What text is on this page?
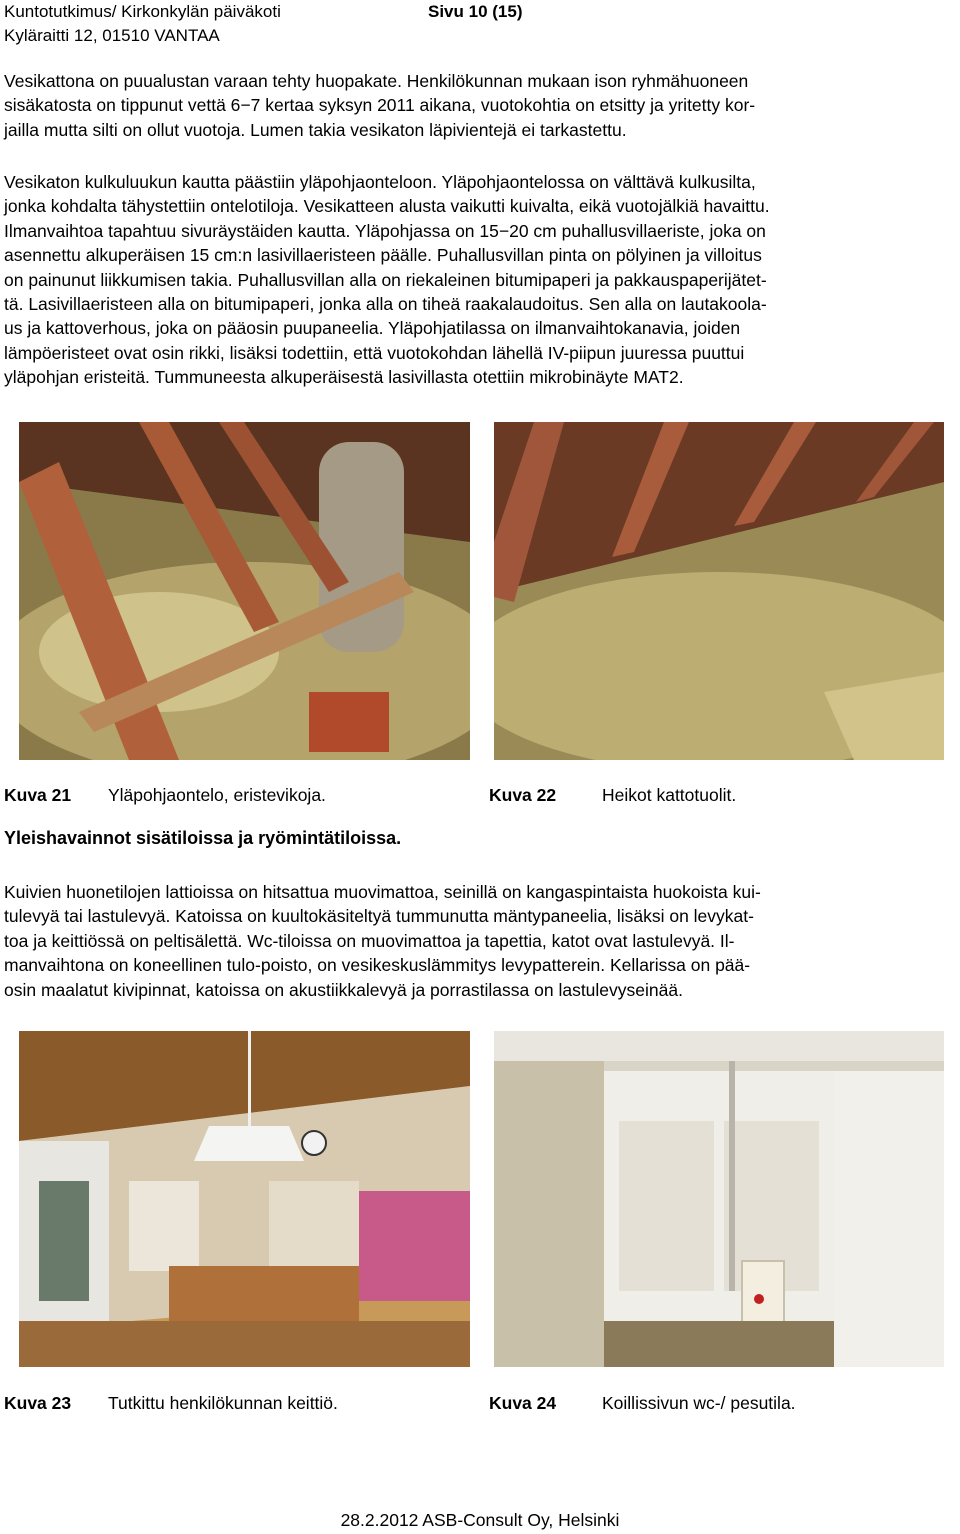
Kuntotutkimus/ Kirkonkylän päiväkoti
Kyläraitti 12, 01510 VANTAA
Sivu 10 (15)
Vesikattona on puualustan varaan tehty huopakate. Henkilökunnan mukaan ison ryhmähuoneen
sisäkatosta on tippunut vettä 6−7 kertaa syksyn 2011 aikana, vuotokohtia on etsitty ja yritetty kor-
jailla mutta silti on ollut vuotoja. Lumen takia vesikaton läpivientejä ei tarkastettu.
Vesikaton kulkuluukun kautta päästiin yläpohjaonteloon. Yläpohjaontelossa on välttävä kulkusilta,
jonka kohdalta tähystettiin ontelotiloja. Vesikatteen alusta vaikutti kuivalta, eikä vuotojälkiä havaittu.
Ilmanvaihtoa tapahtuu sivuräystäiden kautta. Yläpohjassa on 15−20 cm puhallusvillaeriste, joka on
asennettu alkuperäisen 15 cm:n lasivillaeristeen päälle. Puhallusvillan pinta on pölyinen ja villoitus
on painunut liikkumisen takia. Puhallusvillan alla on riekaleinen bitumipaperi ja pakkauspaperijätet-
tä. Lasivillaeristeen alla on bitumipaperi, jonka alla on tiheä raakalaudoitus. Sen alla on lautakoola-
us ja kattoverhous, joka on pääosin puupaneelia. Yläpohjatilassa on ilmanvaihtokanavia, joiden
lämpöeristeet ovat osin rikki, lisäksi todettiin, että vuotokohdan lähellä IV-piipun juuressa puuttui
yläpohjan eristeitä. Tummuneesta alkuperäisestä lasivillasta otettiin mikrobinäyte MAT2.
Kuva 21 Yläpohjaontelo, eristevikoja.	Kuva 22	Heikot kattotuolit.
Yleishavainnot sisätiloissa ja ryömintätiloissa.
Kuivien huonetilojen lattioissa on hitsattua muovimattoa, seinillä on kangaspintaista huokoista kui-
tulevyä tai lastulevyä. Katoissa on kuultokäsiteltyä tummunutta mäntypaneelia, lisäksi on levykat-
toa ja keittiössä on peltisälettä. Wc-tiloissa on muovimattoa ja tapettia, katot ovat lastulevyä. Il-
manvaihtona on koneellinen tulo-poisto, on vesikeskuslämmitys levypatterein. Kellarissa on pää-
osin maalatut kivipinnat, katoissa on akustiikkalevyä ja porrastilassa on lastulevyseinää.
Kuva 23 Tutkittu henkilökunnan keittiö.	Kuva 24	Koillissivun wc-/ pesutila.
28.2.2012 ASB-Consult Oy, Helsinki
